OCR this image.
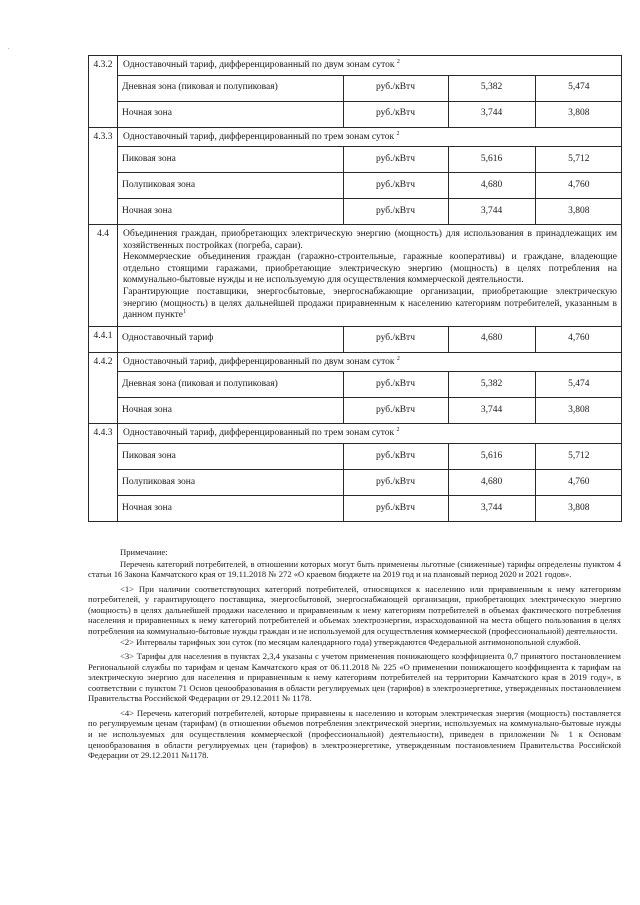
4.3.2	Одноставочный тариф, дифференцированный по двум зонам суток $^2$
Дневная зона (пиковая и полупиковая)	руб./кВтч	5,382	5,474
Ночная зона	руб./кВтч	3,744	3,808

4.3.3	Одноставочный тариф, дифференцированный по трем зонам суток $^2$
Пиковая зона	руб./кВтч	5,616	5,712
Полупиковая зона	руб./кВтч	4,680	4,760
Ночная зона	руб./кВтч	3,744	3,808

4.4	Объединения граждан, приобретающих электрическую энергию (мощность) для использования в принадлежащих им хозяйственных постройках (погреба, сараи).
Некоммерческие объединения граждан (гаражно-строительные, гаражные кооперативы) и граждане, владеющие отдельно стоящими гаражами, приобретающие электрическую энергию (мощность) в целях потребления на коммунально-бытовые нужды и не используемую для осуществления коммерческой деятельности.
Гарантирующие поставщики, энергосбытовые, энергоснабжающие организации, приобретающие электрическую энергию (мощность) в целях дальнейшей продажи приравненным к населению категориям потребителей, указанным в данном пункте$^1$

4.4.1	Одноставочный тариф	руб./кВтч	4,680	4,760

4.4.2	Одноставочный тариф, дифференцированный по двум зонам суток $^2$
Дневная зона (пиковая и полупиковая)	руб./кВтч	5,382	5,474
Ночная зона	руб./кВтч	3,744	3,808

4.4.3	Одноставочный тариф, дифференцированный по трем зонам суток $^2$
Пиковая зона	руб./кВтч	5,616	5,712
Полупиковая зона	руб./кВтч	4,680	4,760
Ночная зона	руб./кВтч	3,744	3,808

Примечание:

Перечень категорий потребителей, в отношении которых могут быть применены льготные (сниженные) тарифы определены пунктом 4 статьи 16 Закона Камчатского края от 19.11.2018 № 272 «О краевом бюджете на 2019 год и на плановый период 2020 и 2021 годов».

<1> При наличии соответствующих категорий потребителей, относящихся к населению или приравненным к нему категориям потребителей, у гарантирующего поставщика, энергосбытовой, энергоснабжающей организации, приобретающих электрическую энергию (мощность) в целях дальнейшей продажи населению и приравненным к нему категориям потребителей в объемах фактического потребления населения и приравненных к нему категорий потребителей и объемах электроэнергии, израсходованной на места общего пользования в целях потребления на коммунально-бытовые нужды граждан и не используемой для осуществления коммерческой (профессиональной) деятельности.

<2> Интервалы тарифных зон суток (по месяцам календарного года) утверждаются Федеральной антимонопольной службой.

<3> Тарифы для населения в пунктах 2,3,4 указаны с учетом применения понижающего коэффициента 0,7 принятого постановлением Региональной службы по тарифам и ценам Камчатского края от 06.11.2018 № 225 «О применении понижающего коэффициента к тарифам на электрическую энергию для населения и приравненным к нему категориям потребителей на территории Камчатского края в 2019 году», в соответствии с пунктом 71 Основ ценообразования в области регулируемых цен (тарифов) в электроэнергетике, утвержденных постановлением Правительства Российской Федерации от 29.12.2011 № 1178.

<4> Перечень категорий потребителей, которые приравнены к населению и которым электрическая энергия (мощность) поставляется по регулируемым ценам (тарифам) (в отношении объемов потребления электрической энергии, используемых на коммунально-бытовые нужды и не используемых для осуществления коммерческой (профессиональной) деятельности), приведен в приложении № 1 к Основам ценообразования в области регулируемых цен (тарифов) в электроэнергетике, утвержденным постановлением Правительства Российской Федерации от 29.12.2011 №1178.
